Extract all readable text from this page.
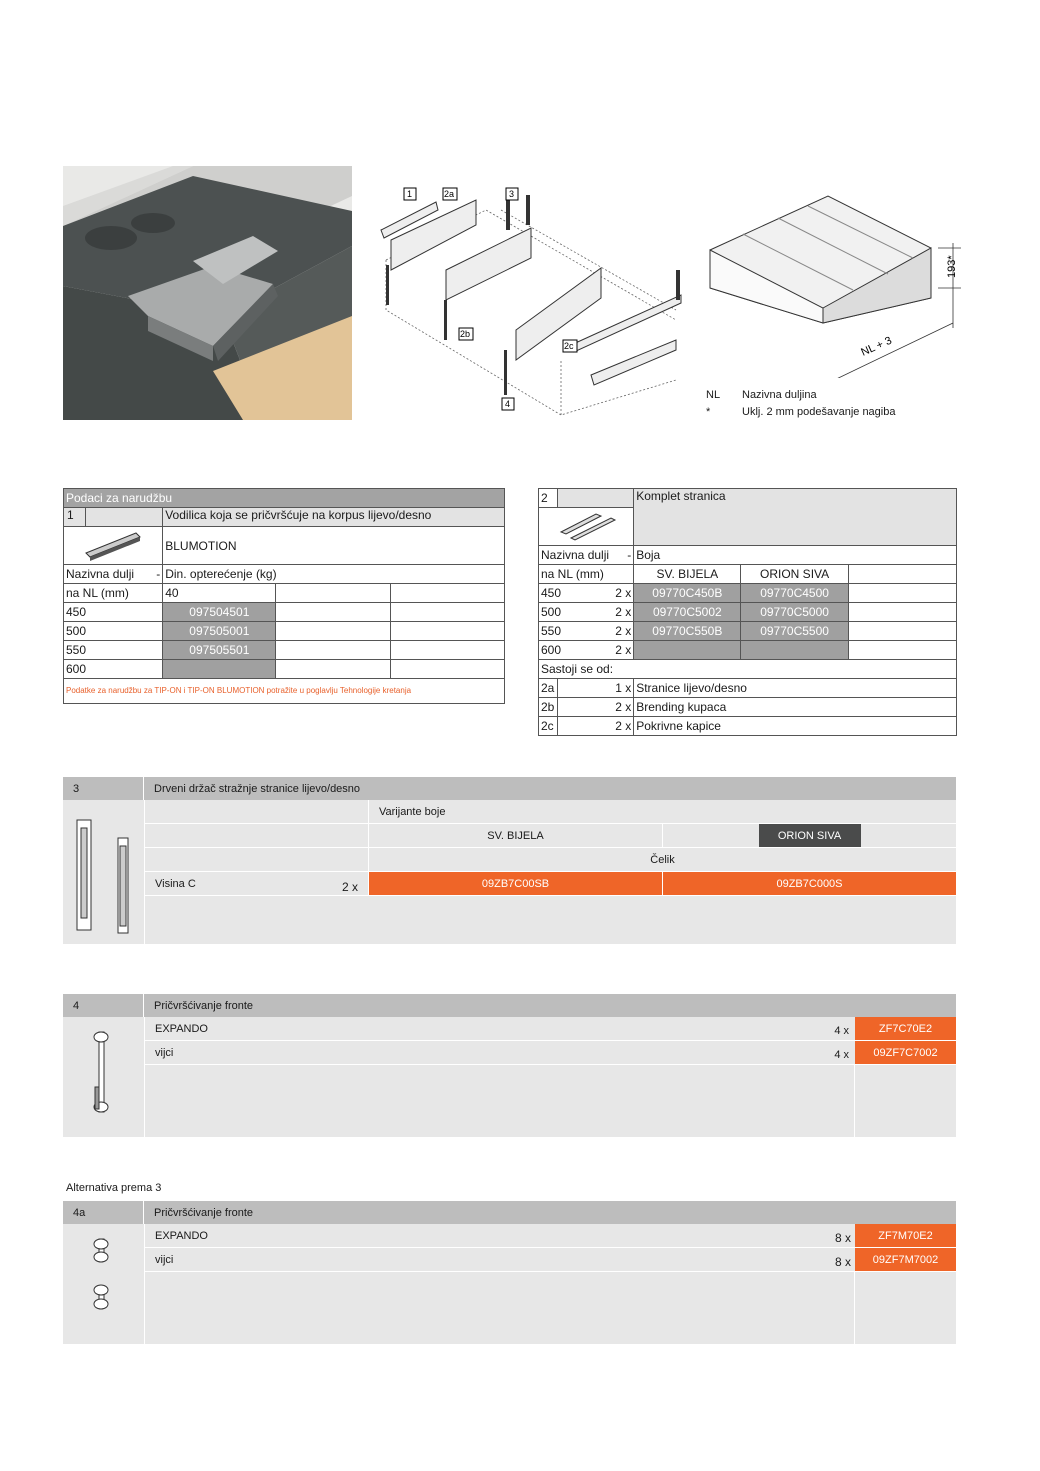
1	2a	3
2b
2c
4
193*
NL + 3
NL	Nazivna duljina
*	Uklj. 2 mm podešavanje nagiba
Podaci za narudžbu			

1	Vodilica koja se pričvršćuje na korpus lijevo/desno		

	BLUMOTION		

Nazivna dulji -	Din. opterećenje (kg)		
na NL (mm)	40		
450	097504501		
500	097505001		
550	097505501		
600			
Podatke za narudžbu za TIP-ON i TIP-ON BLUMOTION potražite u poglavlju Tehnologije kretanja			
2		Komplet stranica		

Nazivna dulji -		Boja		
na NL (mm)		SV. BIJELA	ORION SIVA	

450 2 x		09770C450B	09770C4500	

500 2 x		09770C5002	09770C5000	

550 2 x		09770C550B	09770C5500	

600 2 x				

Sastoji se od:				
2a	1 x	Stranice lijevo/desno		
2b	2 x	Brending kupaca		
2c	2 x	Pokrivne kapice		
3	Drveni držač stražnje stranice lijevo/desno
Varijante boje
SV. BIJELA	ORION SIVA
Čelik
Visina C	2 x	09ZB7C00SB	09ZB7C000S
4	Pričvršćivanje fronte
EXPANDO	4 x	ZF7C70E2
vijci	4 x	09ZF7C7002
Alternativa prema 3
4a	Pričvršćivanje fronte
EXPANDO	8 x	ZF7M70E2
vijci	8 x	09ZF7M7002
